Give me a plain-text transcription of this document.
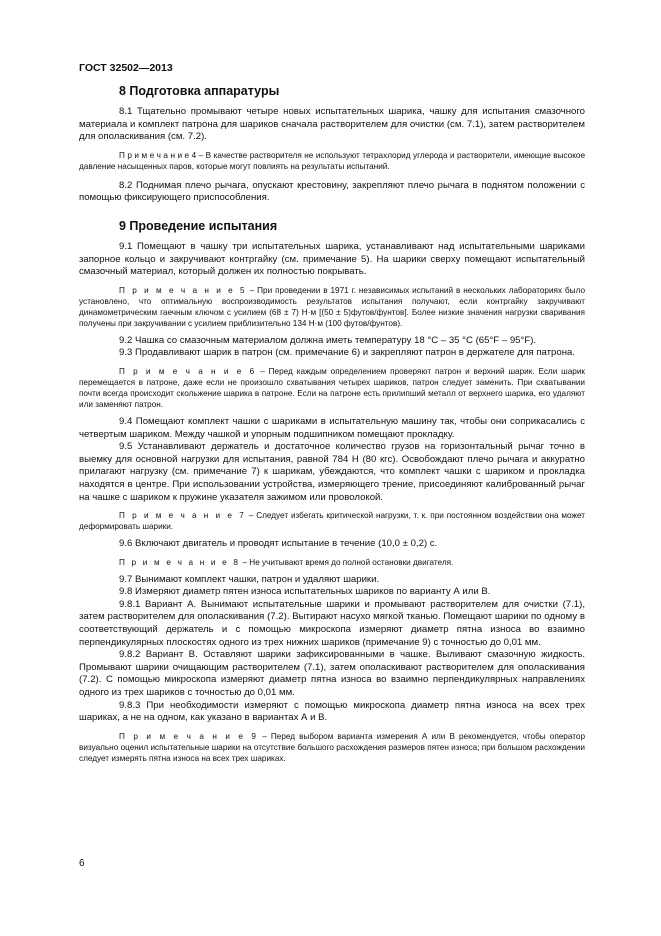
ГОСТ 32502—2013
8 Подготовка аппаратуры

8.1 Тщательно промывают четыре новых испытательных шарика, чашку для испытания смазочного материала и комплект патрона для шариков сначала растворителем для очистки (см. 7.1), затем растворителем для ополаскивания (см. 7.2).

П р и м е ч а н и е 4 – В качестве растворителя не используют тетрахлорид углерода и растворители, имеющие высокое давление насыщенных паров, которые могут повлиять на результаты испытаний.

8.2 Поднимая плечо рычага, опускают крестовину, закрепляют плечо рычага в поднятом положении с помощью фиксирующего приспособления.

9 Проведение испытания

9.1 Помещают в чашку три испытательных шарика, устанавливают над испытательными шариками запорное кольцо и закручивают контргайку (см. примечание 5). На шарики сверху помещают испытательный смазочный материал, который должен их полностью покрывать.

П р и м е ч а н и е 5 – При проведении в 1971 г. независимых испытаний в нескольких лабораториях было установлено, что оптимальную воспроизводимость результатов испытания получают, если контргайку закручивают динамометрическим гаечным ключом с усилием (68 ± 7) Н·м [(50 ± 5)футов/фунтов]. Более низкие значения нагрузки сваривания получены при закручивании с усилием приблизительно 134 Н·м (100 футов/фунтов).

9.2 Чашка со смазочным материалом должна иметь температуру 18 °С – 35 °С (65°F – 95°F).

9.3 Продавливают шарик в патрон (см. примечание 6) и закрепляют патрон в держателе для патрона.

П р и м е ч а н и е 6 – Перед каждым определением проверяют патрон и верхний шарик. Если шарик перемещается в патроне, даже если не произошло схватывания четырех шариков, патрон следует заменить. При схватывании почти всегда происходит скольжение шарика в патроне. Если на патроне есть прилипший металл от верхнего шарика, его удаляют или заменяют патрон.

9.4 Помещают комплект чашки с шариками в испытательную машину так, чтобы они соприкасались с четвертым шариком. Между чашкой и упорным подшипником помещают прокладку.

9.5 Устанавливают держатель и достаточное количество грузов на горизонтальный рычаг точно в выемку для основной нагрузки для испытания, равной 784 Н (80 кгс). Освобождают плечо рычага и аккуратно прилагают нагрузку (см. примечание 7) к шарикам, убеждаются, что комплект чашки с шариком и прокладка находятся в центре. При использовании устройства, измеряющего трение, присоединяют калиброванный рычаг на чашке с шариком к пружине указателя зажимом или проволокой.

П р и м е ч а н и е 7 – Следует избегать критической нагрузки, т. к. при постоянном воздействии она может деформировать шарики.

9.6 Включают двигатель и проводят испытание в течение (10,0 ± 0,2) с.

П р и м е ч а н и е 8 – Не учитывают время до полной остановки двигателя.

9.7 Вынимают комплект чашки, патрон и удаляют шарики.

9.8 Измеряют диаметр пятен износа испытательных шариков по варианту А или В.

9.8.1 Вариант А. Вынимают испытательные шарики и промывают растворителем для очистки (7.1), затем растворителем для ополаскивания (7.2). Вытирают насухо мягкой тканью. Помещают шарики по одному в соответствующий держатель и с помощью микроскопа измеряют диаметр пятна износа во взаимно перпендикулярных плоскостях одного из трех нижних шариков (примечание 9) с точностью до 0,01 мм.

9.8.2 Вариант В. Оставляют шарики зафиксированными в чашке. Выливают смазочную жидкость. Промывают шарики очищающим растворителем (7.1), затем ополаскивают растворителем для ополаскивания (7.2). С помощью микроскопа измеряют диаметр пятна износа во взаимно перпендикулярных направлениях одного из трех шариков с точностью до 0,01 мм.

9.8.3 При необходимости измеряют с помощью микроскопа диаметр пятна износа на всех трех шариках, а не на одном, как указано в вариантах А и В.

П р и м е ч а н и е 9 – Перед выбором варианта измерения А или В рекомендуется, чтобы оператор визуально оценил испытательные шарики на отсутствие большого расхождения размеров пятен износа; при большом расхождении следует измерять пятна износа на всех трех шариках.

6
